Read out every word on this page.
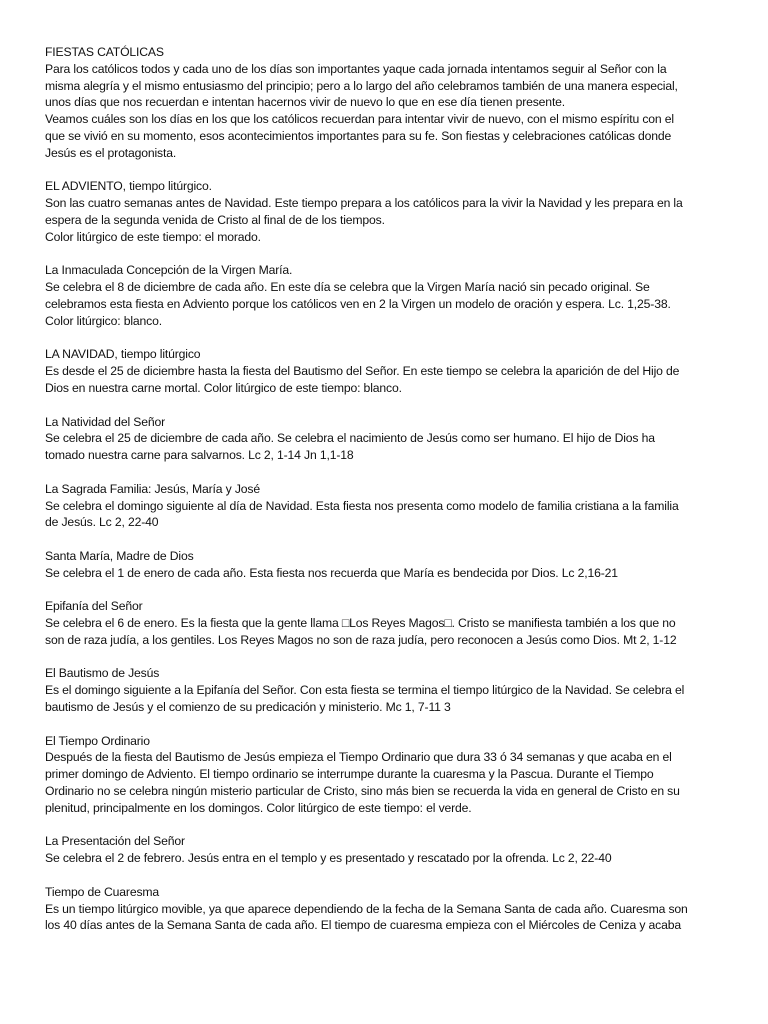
FIESTAS CATÓLICAS
Para los católicos todos y cada uno de los días son importantes yaque cada jornada intentamos seguir al Señor con la
misma alegría y el mismo entusiasmo del principio; pero a lo largo del año celebramos también de una manera especial,
unos días que nos recuerdan e intentan hacernos vivir de nuevo lo que en ese día tienen presente.
Veamos cuáles son los días en los que los católicos recuerdan para intentar vivir de nuevo, con el mismo espíritu con el
que se vivió en su momento, esos acontecimientos importantes para su fe. Son fiestas y celebraciones católicas donde
Jesús es el protagonista.
EL ADVIENTO, tiempo litúrgico.
Son las cuatro semanas antes de Navidad. Este tiempo prepara a los católicos para la vivir la Navidad y les prepara en la
espera de la segunda venida de Cristo al final de de los tiempos.
Color litúrgico de este tiempo: el morado.
La Inmaculada Concepción de la Virgen María.
Se celebra el 8 de diciembre de cada año. En este día se celebra que la Virgen María nació sin pecado original. Se
celebramos esta fiesta en Adviento porque los católicos ven en 2 la Virgen un modelo de oración y espera. Lc. 1,25-38.
Color litúrgico: blanco.
LA NAVIDAD, tiempo litúrgico
Es desde el 25 de diciembre hasta la fiesta del Bautismo del Señor. En este tiempo se celebra la aparición de del Hijo de
Dios en nuestra carne mortal. Color litúrgico de este tiempo: blanco.
La Natividad del Señor
Se celebra el 25 de diciembre de cada año. Se celebra el nacimiento de Jesús como ser humano. El hijo de Dios ha
tomado nuestra carne para salvarnos. Lc 2, 1-14 Jn 1,1-18
La Sagrada Familia: Jesús, María y José
Se celebra el domingo siguiente al día de Navidad. Esta fiesta nos presenta como modelo de familia cristiana a la familia
de Jesús. Lc 2, 22-40
Santa María, Madre de Dios
Se celebra el 1 de enero de cada año. Esta fiesta nos recuerda que María es bendecida por Dios. Lc 2,16-21
Epifanía del Señor
Se celebra el 6 de enero. Es la fiesta que la gente llama □Los Reyes Magos□. Cristo se manifiesta también a los que no
son de raza judía, a los gentiles. Los Reyes Magos no son de raza judía, pero reconocen a Jesús como Dios. Mt 2, 1-12
El Bautismo de Jesús
Es el domingo siguiente a la Epifanía del Señor. Con esta fiesta se termina el tiempo litúrgico de la Navidad. Se celebra el
bautismo de Jesús y el comienzo de su predicación y ministerio. Mc 1, 7-11 3
El Tiempo Ordinario
Después de la fiesta del Bautismo de Jesús empieza el Tiempo Ordinario que dura 33 ó 34 semanas y que acaba en el
primer domingo de Adviento. El tiempo ordinario se interrumpe durante la cuaresma y la Pascua. Durante el Tiempo
Ordinario no se celebra ningún misterio particular de Cristo, sino más bien se recuerda la vida en general de Cristo en su
plenitud, principalmente en los domingos. Color litúrgico de este tiempo: el verde.
La Presentación del Señor
Se celebra el 2 de febrero. Jesús entra en el templo y es presentado y rescatado por la ofrenda. Lc 2, 22-40
Tiempo de Cuaresma
Es un tiempo litúrgico movible, ya que aparece dependiendo de la fecha de la Semana Santa de cada año. Cuaresma son
los 40 días antes de la Semana Santa de cada año. El tiempo de cuaresma empieza con el Miércoles de Ceniza y acaba
